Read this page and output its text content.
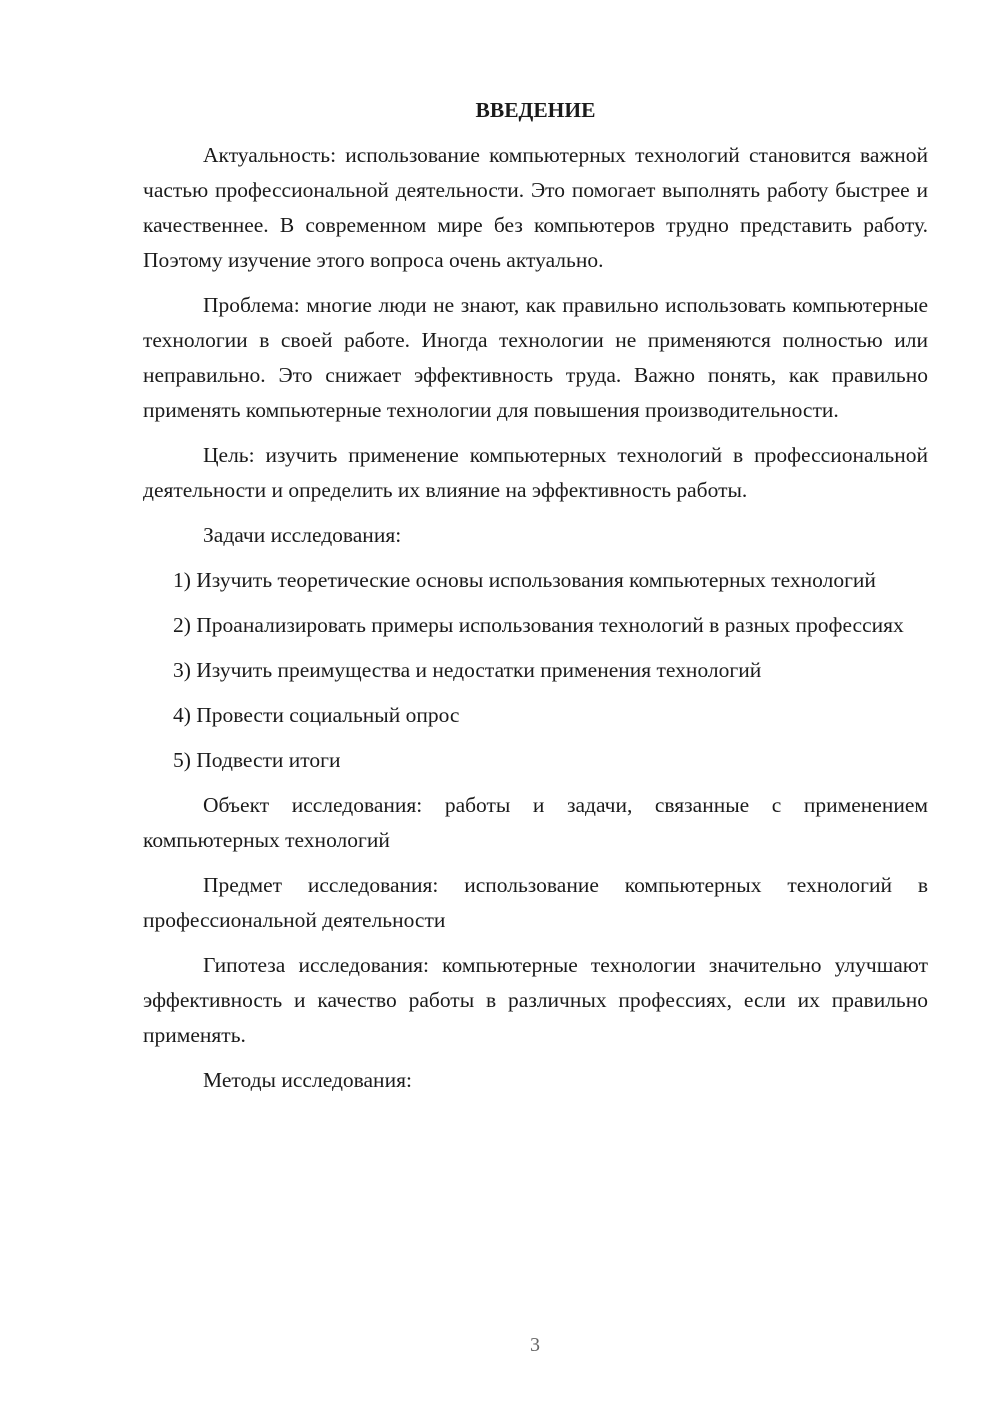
ВВЕДЕНИЕ

Актуальность: использование компьютерных технологий становится важной частью профессиональной деятельности. Это помогает выполнять работу быстрее и качественнее. В современном мире без компьютеров трудно представить работу. Поэтому изучение этого вопроса очень актуально.

Проблема: многие люди не знают, как правильно использовать компьютерные технологии в своей работе. Иногда технологии не применяются полностью или неправильно. Это снижает эффективность труда. Важно понять, как правильно применять компьютерные технологии для повышения производительности.

Цель: изучить применение компьютерных технологий в профессиональной деятельности и определить их влияние на эффективность работы.

Задачи исследования:

1) Изучить теоретические основы использования компьютерных технологий

2) Проанализировать примеры использования технологий в разных профессиях

3) Изучить преимущества и недостатки применения технологий

4) Провести социальный опрос

5) Подвести итоги

Объект исследования: работы и задачи, связанные с применением компьютерных технологий

Предмет исследования: использование компьютерных технологий в профессиональной деятельности

Гипотеза исследования: компьютерные технологии значительно улучшают эффективность и качество работы в различных профессиях, если их правильно применять.

Методы исследования:

3
